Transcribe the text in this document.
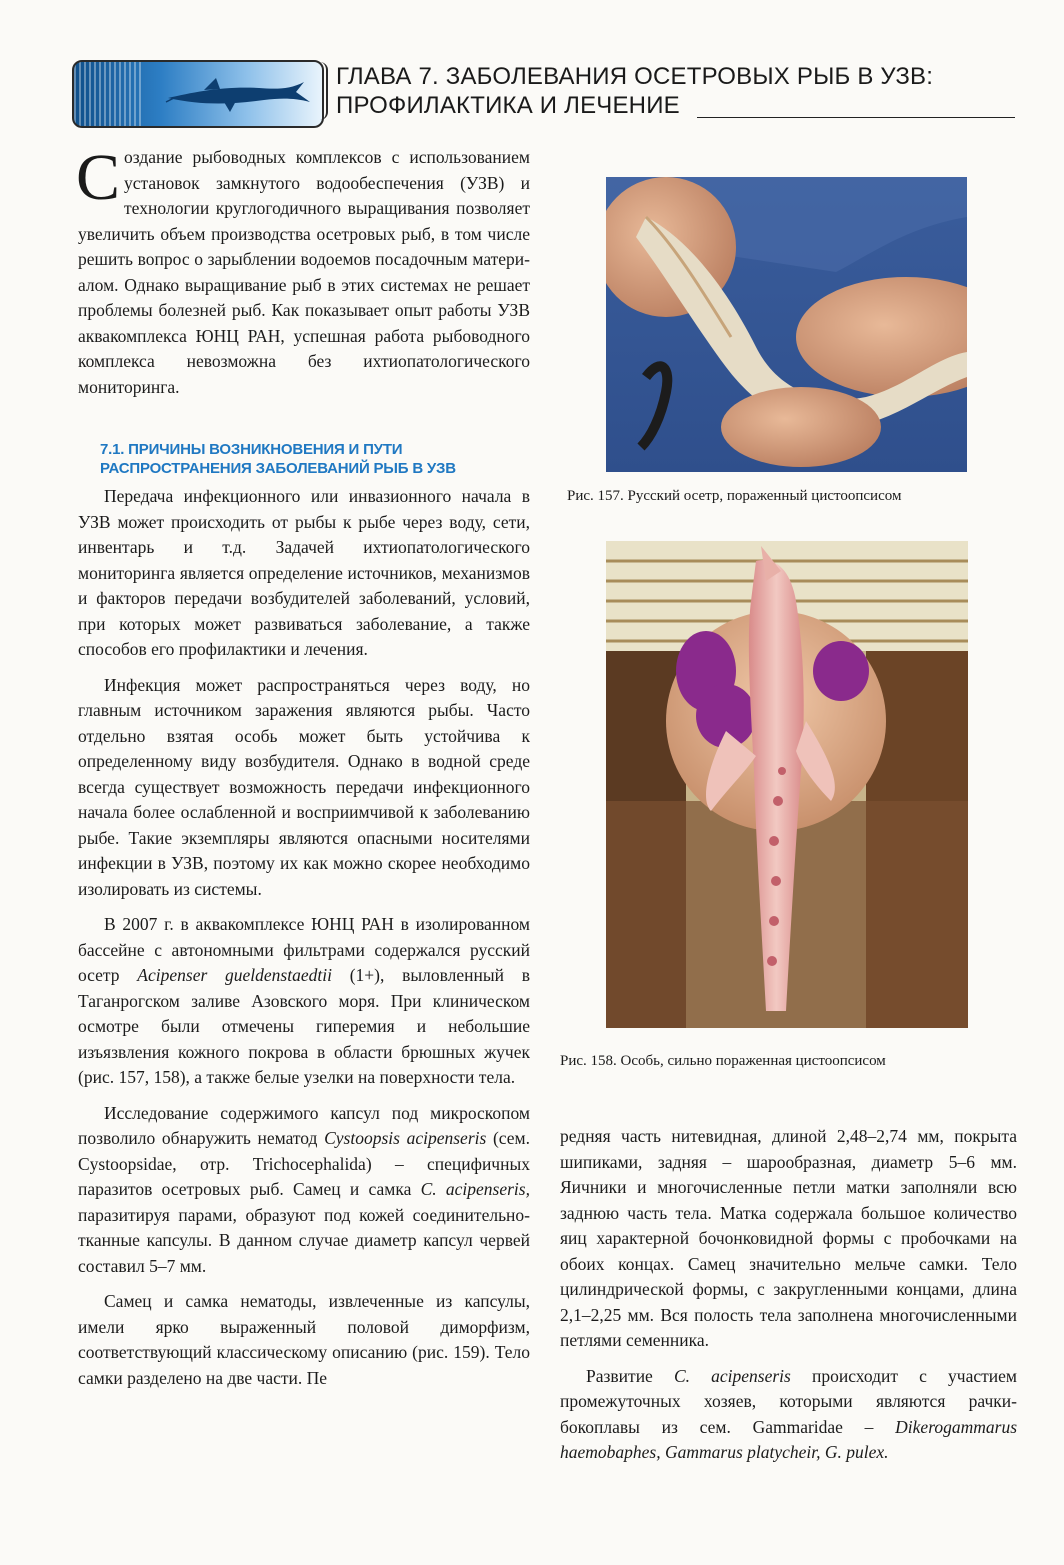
ГЛАВА 7. ЗАБОЛЕВАНИЯ ОСЕТРОВЫХ РЫБ В УЗВ:
ПРОФИЛАКТИКА И ЛЕЧЕНИЕ

Создание рыбоводных комплексов с использованием установок замкнутого водообеспечения (УЗВ) и технологии круглогодичного выращивания позволяет увеличить объем производства осетровых рыб, в том числе решить вопрос о зарыблении водоемов посадочным материалом. Однако выращивание рыб в этих системах не решает проблемы болезней рыб. Как показывает опыт работы УЗВ аквакомплекса ЮНЦ РАН, успешная работа рыбоводного комплекса невозможна без ихтиопатологического мониторинга.

7.1. ПРИЧИНЫ ВОЗНИКНОВЕНИЯ И ПУТИ
РАСПРОСТРАНЕНИЯ ЗАБОЛЕВАНИЙ РЫБ В УЗВ

Передача инфекционного или инвазионного начала в УЗВ может происходить от рыбы к рыбе через воду, сети, инвентарь и т.д. Задачей ихтиопатологического мониторинга является определение источников, механизмов и факторов передачи возбудителей заболеваний, условий, при которых может развиваться заболевание, а также способов его профилактики и лечения.

Инфекция может распространяться через воду, но главным источником заражения являются рыбы. Часто отдельно взятая особь может быть устойчива к определенному виду возбудителя. Однако в водной среде всегда существует возможность передачи инфекционного начала более ослабленной и восприимчивой к заболеванию рыбе. Такие экземпляры являются опасными носителями инфекции в УЗВ, поэтому их как можно скорее необходимо изолировать из системы.

В 2007 г. в аквакомплексе ЮНЦ РАН в изолированном бассейне с автономными фильтрами содержался русский осетр Acipenser gueldenstaedtii (1+), выловленный в Таганрогском заливе Азовского моря. При клиническом осмотре были отмечены гиперемия и небольшие изъязвления кожного покрова в области брюшных жучек (рис. 157, 158), а также белые узелки на поверхности тела.

Исследование содержимого капсул под микроскопом позволило обнаружить нематод Cystoopsis acipenseris (сем. Cystoopsidae, отр. Trichocephalida) – специфичных паразитов осетровых рыб. Самец и самка C. acipenseris, паразитируя парами, образуют под кожей соединительно-тканные капсулы. В данном случае диаметр капсул червей составил 5–7 мм.

Самец и самка нематоды, извлеченные из капсулы, имели ярко выраженный половой диморфизм, соответствующий классическому описанию (рис. 159). Тело самки разделено на две части. Пе

Рис. 157. Русский осетр, пораженный цистоопсисом
Рис. 158. Особь, сильно пораженная цистоопсисом

редняя часть нитевидная, длиной 2,48–2,74 мм, покрыта шипиками, задняя – шарообразная, диаметр 5–6 мм. Яичники и многочисленные петли матки заполняли всю заднюю часть тела. Матка содержала большое количество яиц характерной бочонковидной формы с пробочками на обоих концах. Самец значительно мельче самки. Тело цилиндрической формы, с закругленными концами, длина 2,1–2,25 мм. Вся полость тела заполнена многочисленными петлями семенника.

Развитие C. acipenseris происходит с участием промежуточных хозяев, которыми являются рачки-бокоплавы из сем. Gammaridae – Dikerogammarus haemobaphes, Gammarus platycheir, G. pulex.
